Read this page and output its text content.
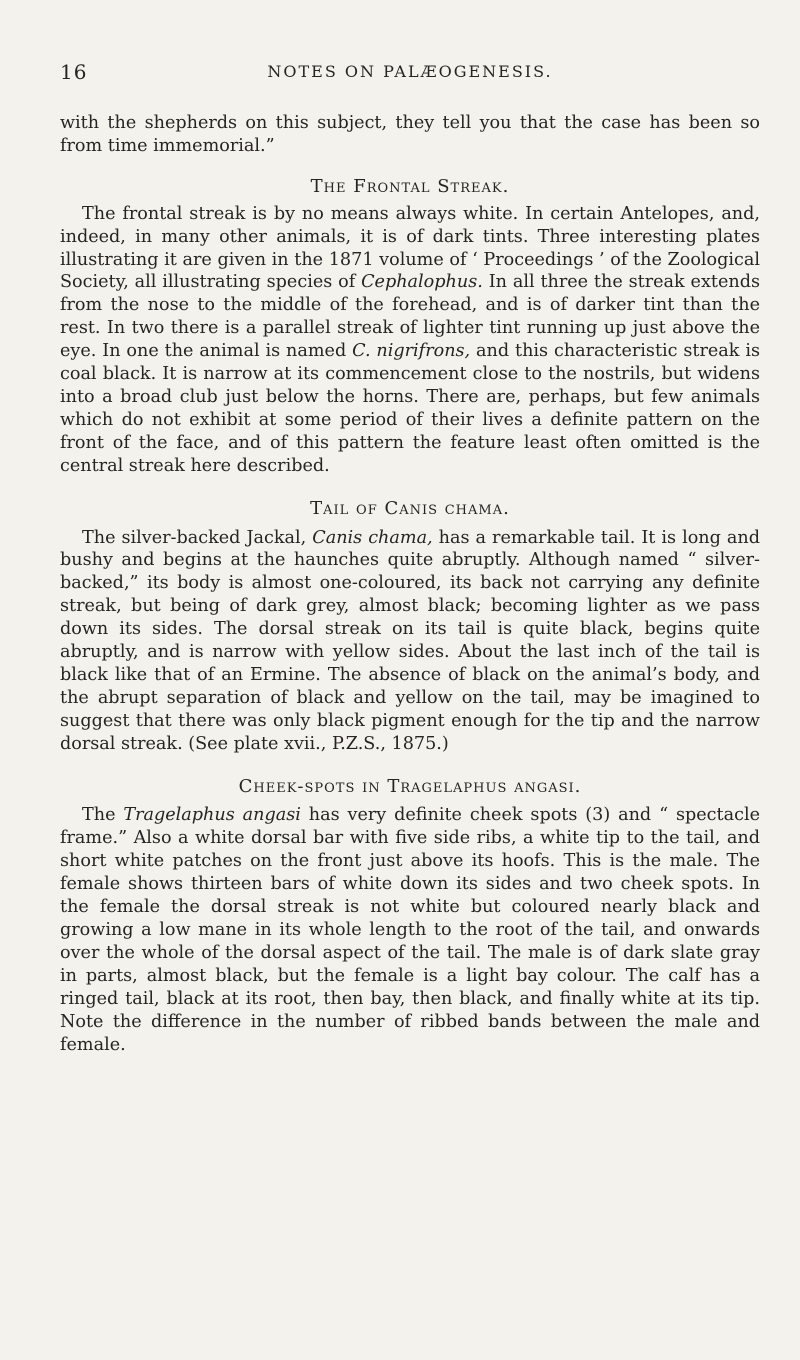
16	NOTES ON PALÆOGENESIS.

with the shepherds on this subject, they tell you that the case has been so from time immemorial.”

The Frontal Streak.

The frontal streak is by no means always white. In certain Antelopes, and, indeed, in many other animals, it is of dark tints. Three interesting plates illustrating it are given in the 1871 volume of ‘ Proceedings ’ of the Zoological Society, all illustrating species of Cephalophus. In all three the streak extends from the nose to the middle of the forehead, and is of darker tint than the rest. In two there is a parallel streak of lighter tint running up just above the eye. In one the animal is named C. nigrifrons, and this characteristic streak is coal black. It is narrow at its commencement close to the nostrils, but widens into a broad club just below the horns. There are, perhaps, but few animals which do not exhibit at some period of their lives a definite pattern on the front of the face, and of this pattern the feature least often omitted is the central streak here described.

Tail of Canis chama.

The silver-backed Jackal, Canis chama, has a remarkable tail. It is long and bushy and begins at the haunches quite abruptly. Although named “ silver-backed,” its body is almost one-coloured, its back not carrying any definite streak, but being of dark grey, almost black; becoming lighter as we pass down its sides. The dorsal streak on its tail is quite black, begins quite abruptly, and is narrow with yellow sides. About the last inch of the tail is black like that of an Ermine. The absence of black on the animal’s body, and the abrupt separation of black and yellow on the tail, may be imagined to suggest that there was only black pigment enough for the tip and the narrow dorsal streak. (See plate xvii., P.Z.S., 1875.)

Cheek-spots in Tragelaphus angasi.

The Tragelaphus angasi has very definite cheek spots (3) and “ spectacle frame.” Also a white dorsal bar with five side ribs, a white tip to the tail, and short white patches on the front just above its hoofs. This is the male. The female shows thirteen bars of white down its sides and two cheek spots. In the female the dorsal streak is not white but coloured nearly black and growing a low mane in its whole length to the root of the tail, and onwards over the whole of the dorsal aspect of the tail. The male is of dark slate gray in parts, almost black, but the female is a light bay colour. The calf has a ringed tail, black at its root, then bay, then black, and finally white at its tip. Note the difference in the number of ribbed bands between the male and female.
